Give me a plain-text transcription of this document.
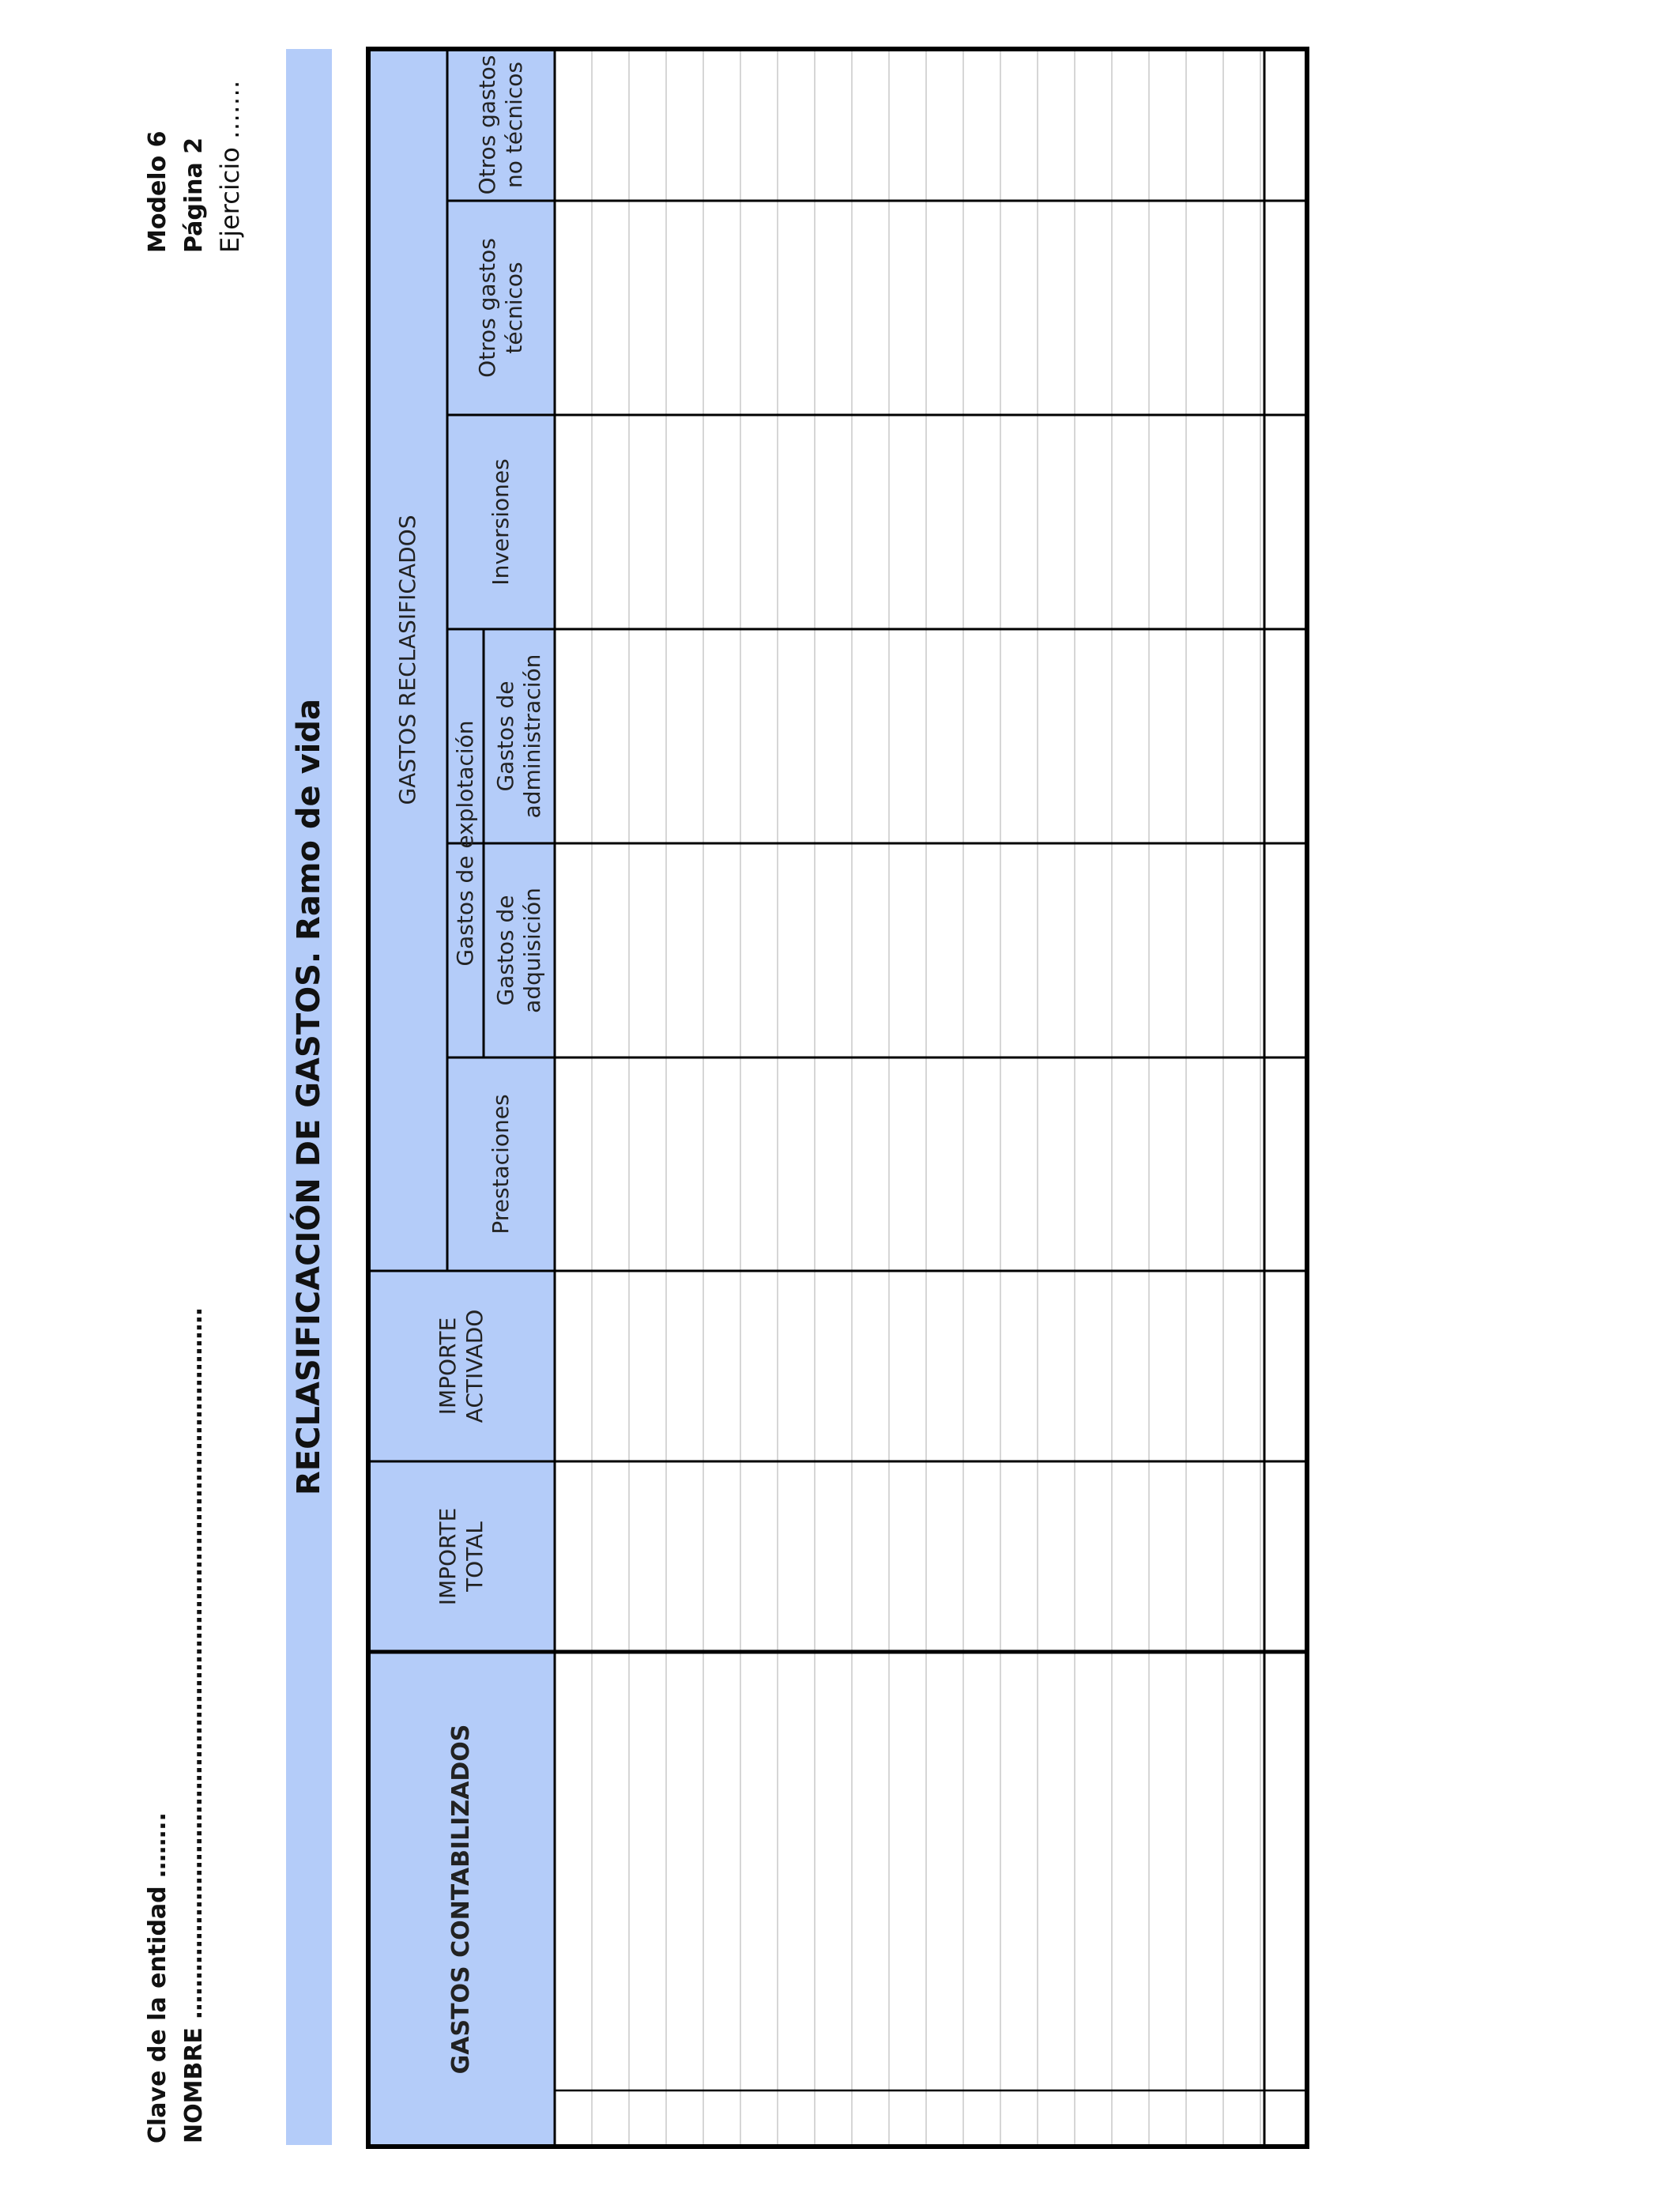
Clave de la entidad …….. NOMBRE ………………………………………………………………………………
Modelo 6 Página 2 Ejercicio …….
RECLASIFICACIÓN DE GASTOS. Ramo de vida
GASTOS CONTABILIZADOS
IMPORTE TOTAL
IMPORTE ACTIVADO
GASTOS RECLASIFICADOS
Prestaciones
Gastos de explotación Gastos de adquisición
Gastos de administración
Inversiones
Otros gastos técnicos
Otros gastos no técnicos
